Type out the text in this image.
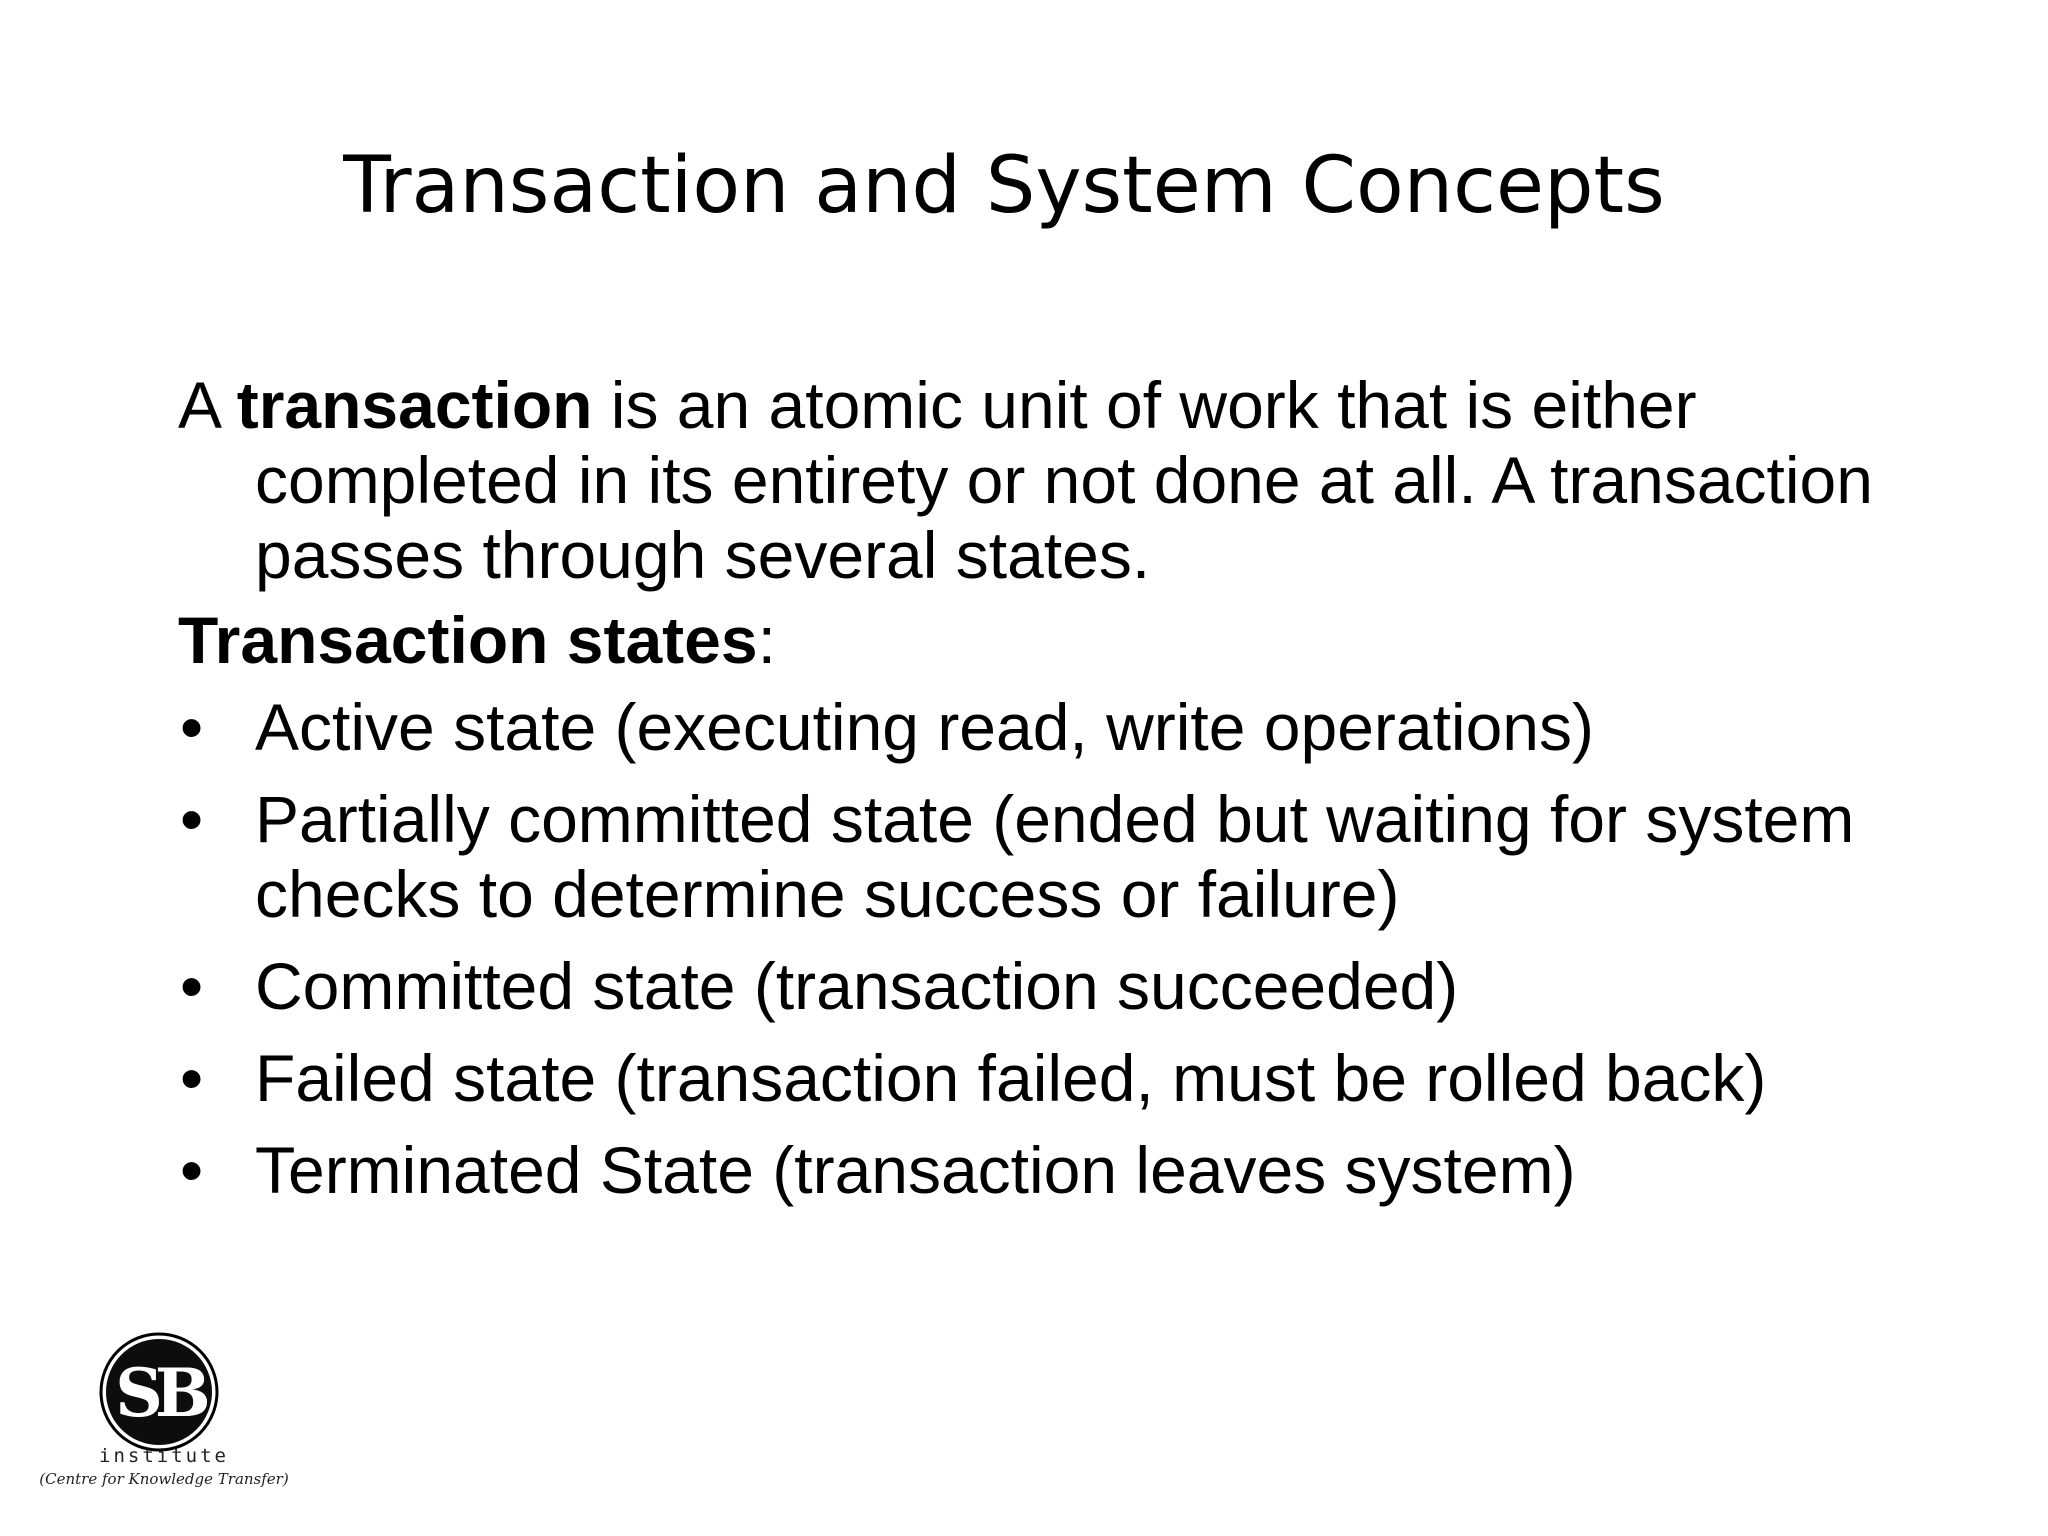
Transaction and System Concepts

A transaction is an atomic unit of work that is either completed in its entirety or not done at all. A transaction passes through several states.

Transaction states:

• Active state (executing read, write operations)
• Partially committed state (ended but waiting for system checks to determine success or failure)
• Committed state (transaction succeeded)
• Failed state (transaction failed, must be rolled back)
• Terminated State (transaction leaves system)
SB
institute
(Centre for Knowledge Transfer)
